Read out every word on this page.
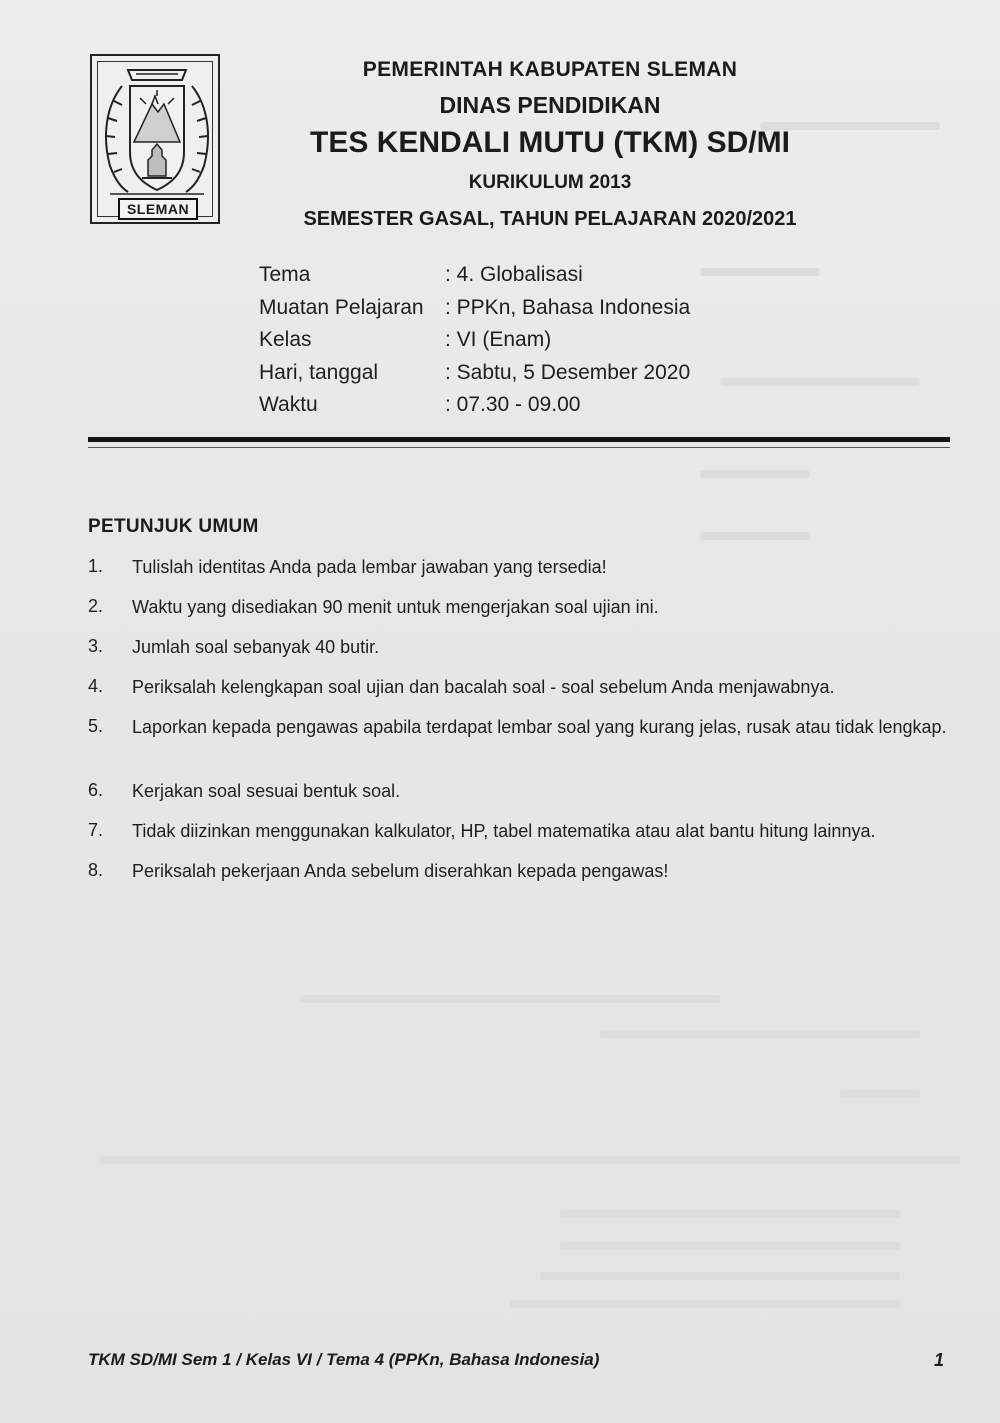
SLEMAN
PEMERINTAH KABUPATEN SLEMAN
DINAS PENDIDIKAN
TES KENDALI MUTU (TKM) SD/MI
KURIKULUM 2013
SEMESTER GASAL, TAHUN PELAJARAN 2020/2021
Tema	: 4. Globalisasi
Muatan Pelajaran : PPKn, Bahasa Indonesia
Kelas	: VI (Enam)
Hari, tanggal	: Sabtu, 5 Desember 2020
Waktu	: 07.30 - 09.00
PETUNJUK UMUM
1. Tulislah identitas Anda pada lembar jawaban yang tersedia!
2. Waktu yang disediakan 90 menit untuk mengerjakan soal ujian ini.
3. Jumlah soal sebanyak 40 butir.
4. Periksalah kelengkapan soal ujian dan bacalah soal - soal sebelum Anda menjawabnya.
5. Laporkan kepada pengawas apabila terdapat lembar soal yang kurang jelas, rusak atau tidak lengkap.
6. Kerjakan soal sesuai bentuk soal.
7. Tidak diizinkan menggunakan kalkulator, HP, tabel matematika atau alat bantu hitung lainnya.
8. Periksalah pekerjaan Anda sebelum diserahkan kepada pengawas!
TKM SD/MI Sem 1 / Kelas VI / Tema 4 (PPKn, Bahasa Indonesia)	1
